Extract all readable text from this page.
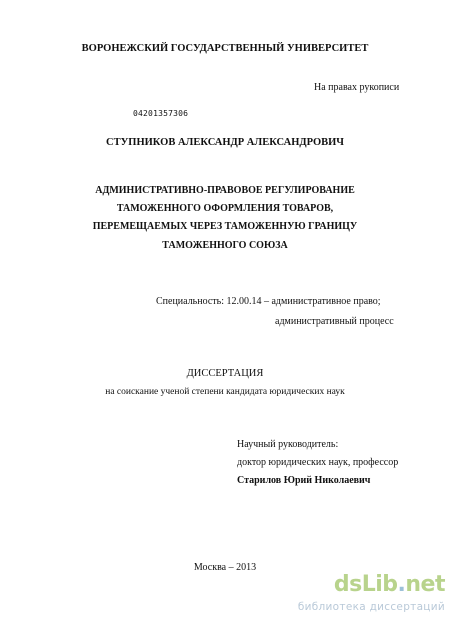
ВОРОНЕЖСКИЙ ГОСУДАРСТВЕННЫЙ УНИВЕРСИТЕТ
На правах рукописи
04201357306
СТУПНИКОВ АЛЕКСАНДР АЛЕКСАНДРОВИЧ
АДМИНИСТРАТИВНО-ПРАВОВОЕ РЕГУЛИРОВАНИЕ
ТАМОЖЕННОГО ОФОРМЛЕНИЯ ТОВАРОВ,
ПЕРЕМЕЩАЕМЫХ ЧЕРЕЗ ТАМОЖЕННУЮ ГРАНИЦУ
ТАМОЖЕННОГО СОЮЗА
Специальность: 12.00.14 – административное право;
административный процесс
ДИССЕРТАЦИЯ
на соискание ученой степени кандидата юридических наук
Научный руководитель:
доктор юридических наук, профессор
Старилов Юрий Николаевич
Москва – 2013
dsLib.net
библиотека диссертаций
